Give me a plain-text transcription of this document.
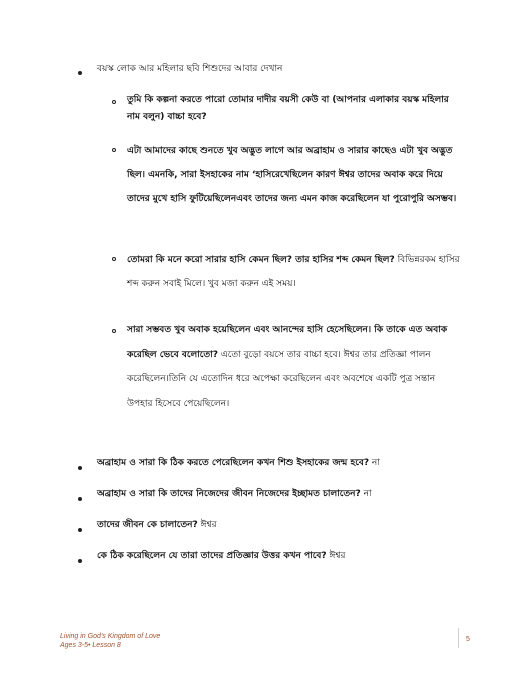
বয়স্ক লোক আর মহিলার ছবি শিশুদের আবার দেখান
তুমি কি কল্পনা করতে পারো তোমার দাদীর বয়সী কেউ বা (আপনার এলাকার বয়স্ক মহিলার নাম বলুন) বাচ্চা হবে?
এটা আমাদের কাছে শুনতে খুব অদ্ভুত লাগে আর অব্রাহাম ও সারার কাছেও এটা খুব অদ্ভুত ছিল। এমনকি, সারা ইসহাকের নাম ‘হাসিরেখেছিলেন কারণ ঈশ্বর তাদের অবাক করে দিয়ে তাদের মুখে হাসি ফুটিয়েছিলেনএবং তাদের জন্য এমন কাজ করেছিলেন যা পুরোপুরি অসম্ভব।
তোমরা কি মনে করো সারার হাসি কেমন ছিল? তার হাসির শব্দ কেমন ছিল? বিভিন্নরকম হাসির শব্দ করুন সবাই মিলে। খুব মজা করুন এই সময়।
সারা সম্ভবত খুব অবাক হয়েছিলেন এবং আনন্দের হাসি হেসেছিলেন। কি তাকে এত অবাক করেছিল ভেবে বলোতো? এতো বুড়ো বয়সে তার বাচ্চা হবে। ঈশ্বর তার প্রতিজ্ঞা পালন করেছিলেন।তিনি যে এতোদিন ধরে অপেক্ষা করেছিলেন এবং অবশেষে একটি পুত্র সন্তান উপহার হিসেবে পেয়েছিলেন।
অব্রাহাম ও সারা কি ঠিক করতে পেরেছিলেন কখন শিশু ইসহাকের জন্ম হবে? না
অব্রাহাম ও সারা কি তাদের নিজেদের জীবন নিজেদের ইচ্ছামত চালাতেন? না
তাদের জীবন কে চালাতেন? ঈশ্বর
কে ঠিক করেছিলেন যে তারা তাদের প্রতিজ্ঞার উত্তর কখন পাবে? ঈশ্বর
Living in God’s Kingdom of Love
Ages 3-5• Lesson 8
5
